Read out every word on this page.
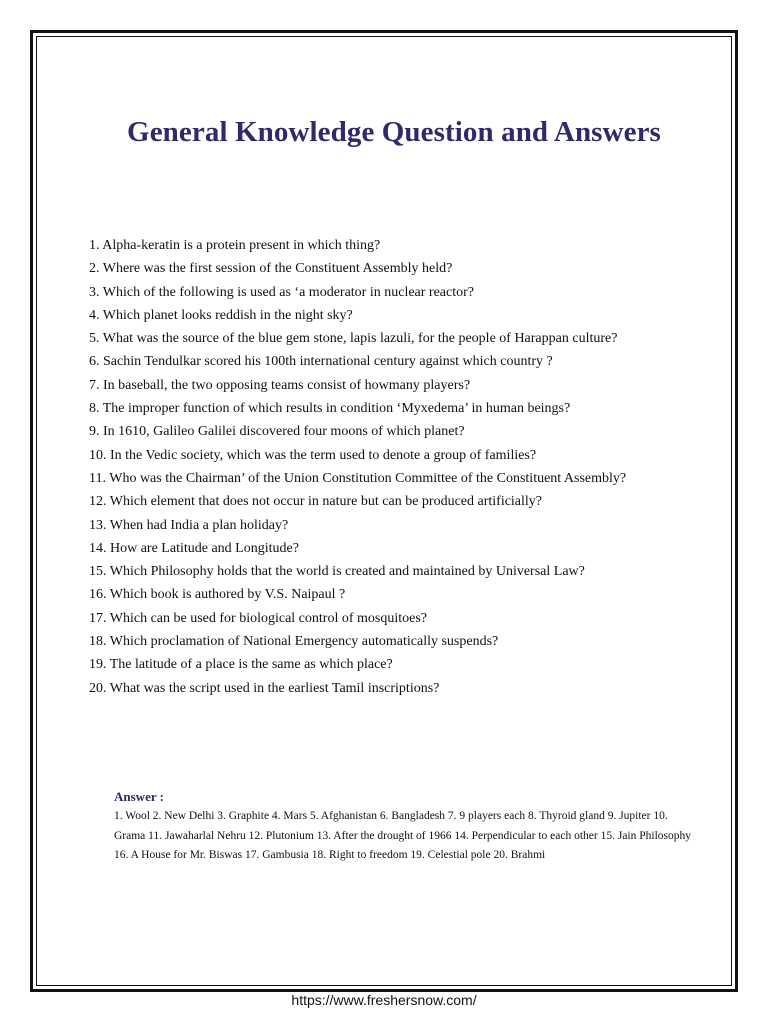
General Knowledge Question and Answers
1. Alpha-keratin is a protein present in which thing?
2. Where was the first session of the Constituent Assembly held?
3. Which of the following is used as ‘a moderator in nuclear reactor?
4. Which planet looks reddish in the night sky?
5. What was the source of the blue gem stone, lapis lazuli, for the people of Harappan culture?
6. Sachin Tendulkar scored his 100th international century against which country ?
7. In baseball, the two opposing teams consist of howmany players?
8. The improper function of which results in condition ‘Myxedema’ in human beings?
9. In 1610, Galileo Galilei discovered four moons of which planet?
10. In the Vedic society, which was the term used to denote a group of families?
11. Who was the Chairman’ of the Union Constitution Committee of the Constituent Assembly?
12. Which element that does not occur in nature but can be produced artificially?
13. When had India a plan holiday?
14. How are Latitude and Longitude?
15. Which Philosophy holds that the world is created and maintained by Universal Law?
16. Which book is authored by V.S. Naipaul ?
17. Which can be used for biological control of mosquitoes?
18. Which proclamation of National Emergency automatically suspends?
19. The latitude of a place is the same as which place?
20. What was the script used in the earliest Tamil inscriptions?

Answer :

1. Wool 2. New Delhi 3. Graphite 4. Mars 5. Afghanistan 6. Bangladesh 7. 9 players each 8. Thyroid gland 9. Jupiter 10. Grama 11. Jawaharlal Nehru 12. Plutonium 13. After the drought of 1966 14. Perpendicular to each other 15. Jain Philosophy 16. A House for Mr. Biswas 17. Gambusia 18. Right to freedom 19. Celestial pole 20. Brahmi

https://www.freshersnow.com/
